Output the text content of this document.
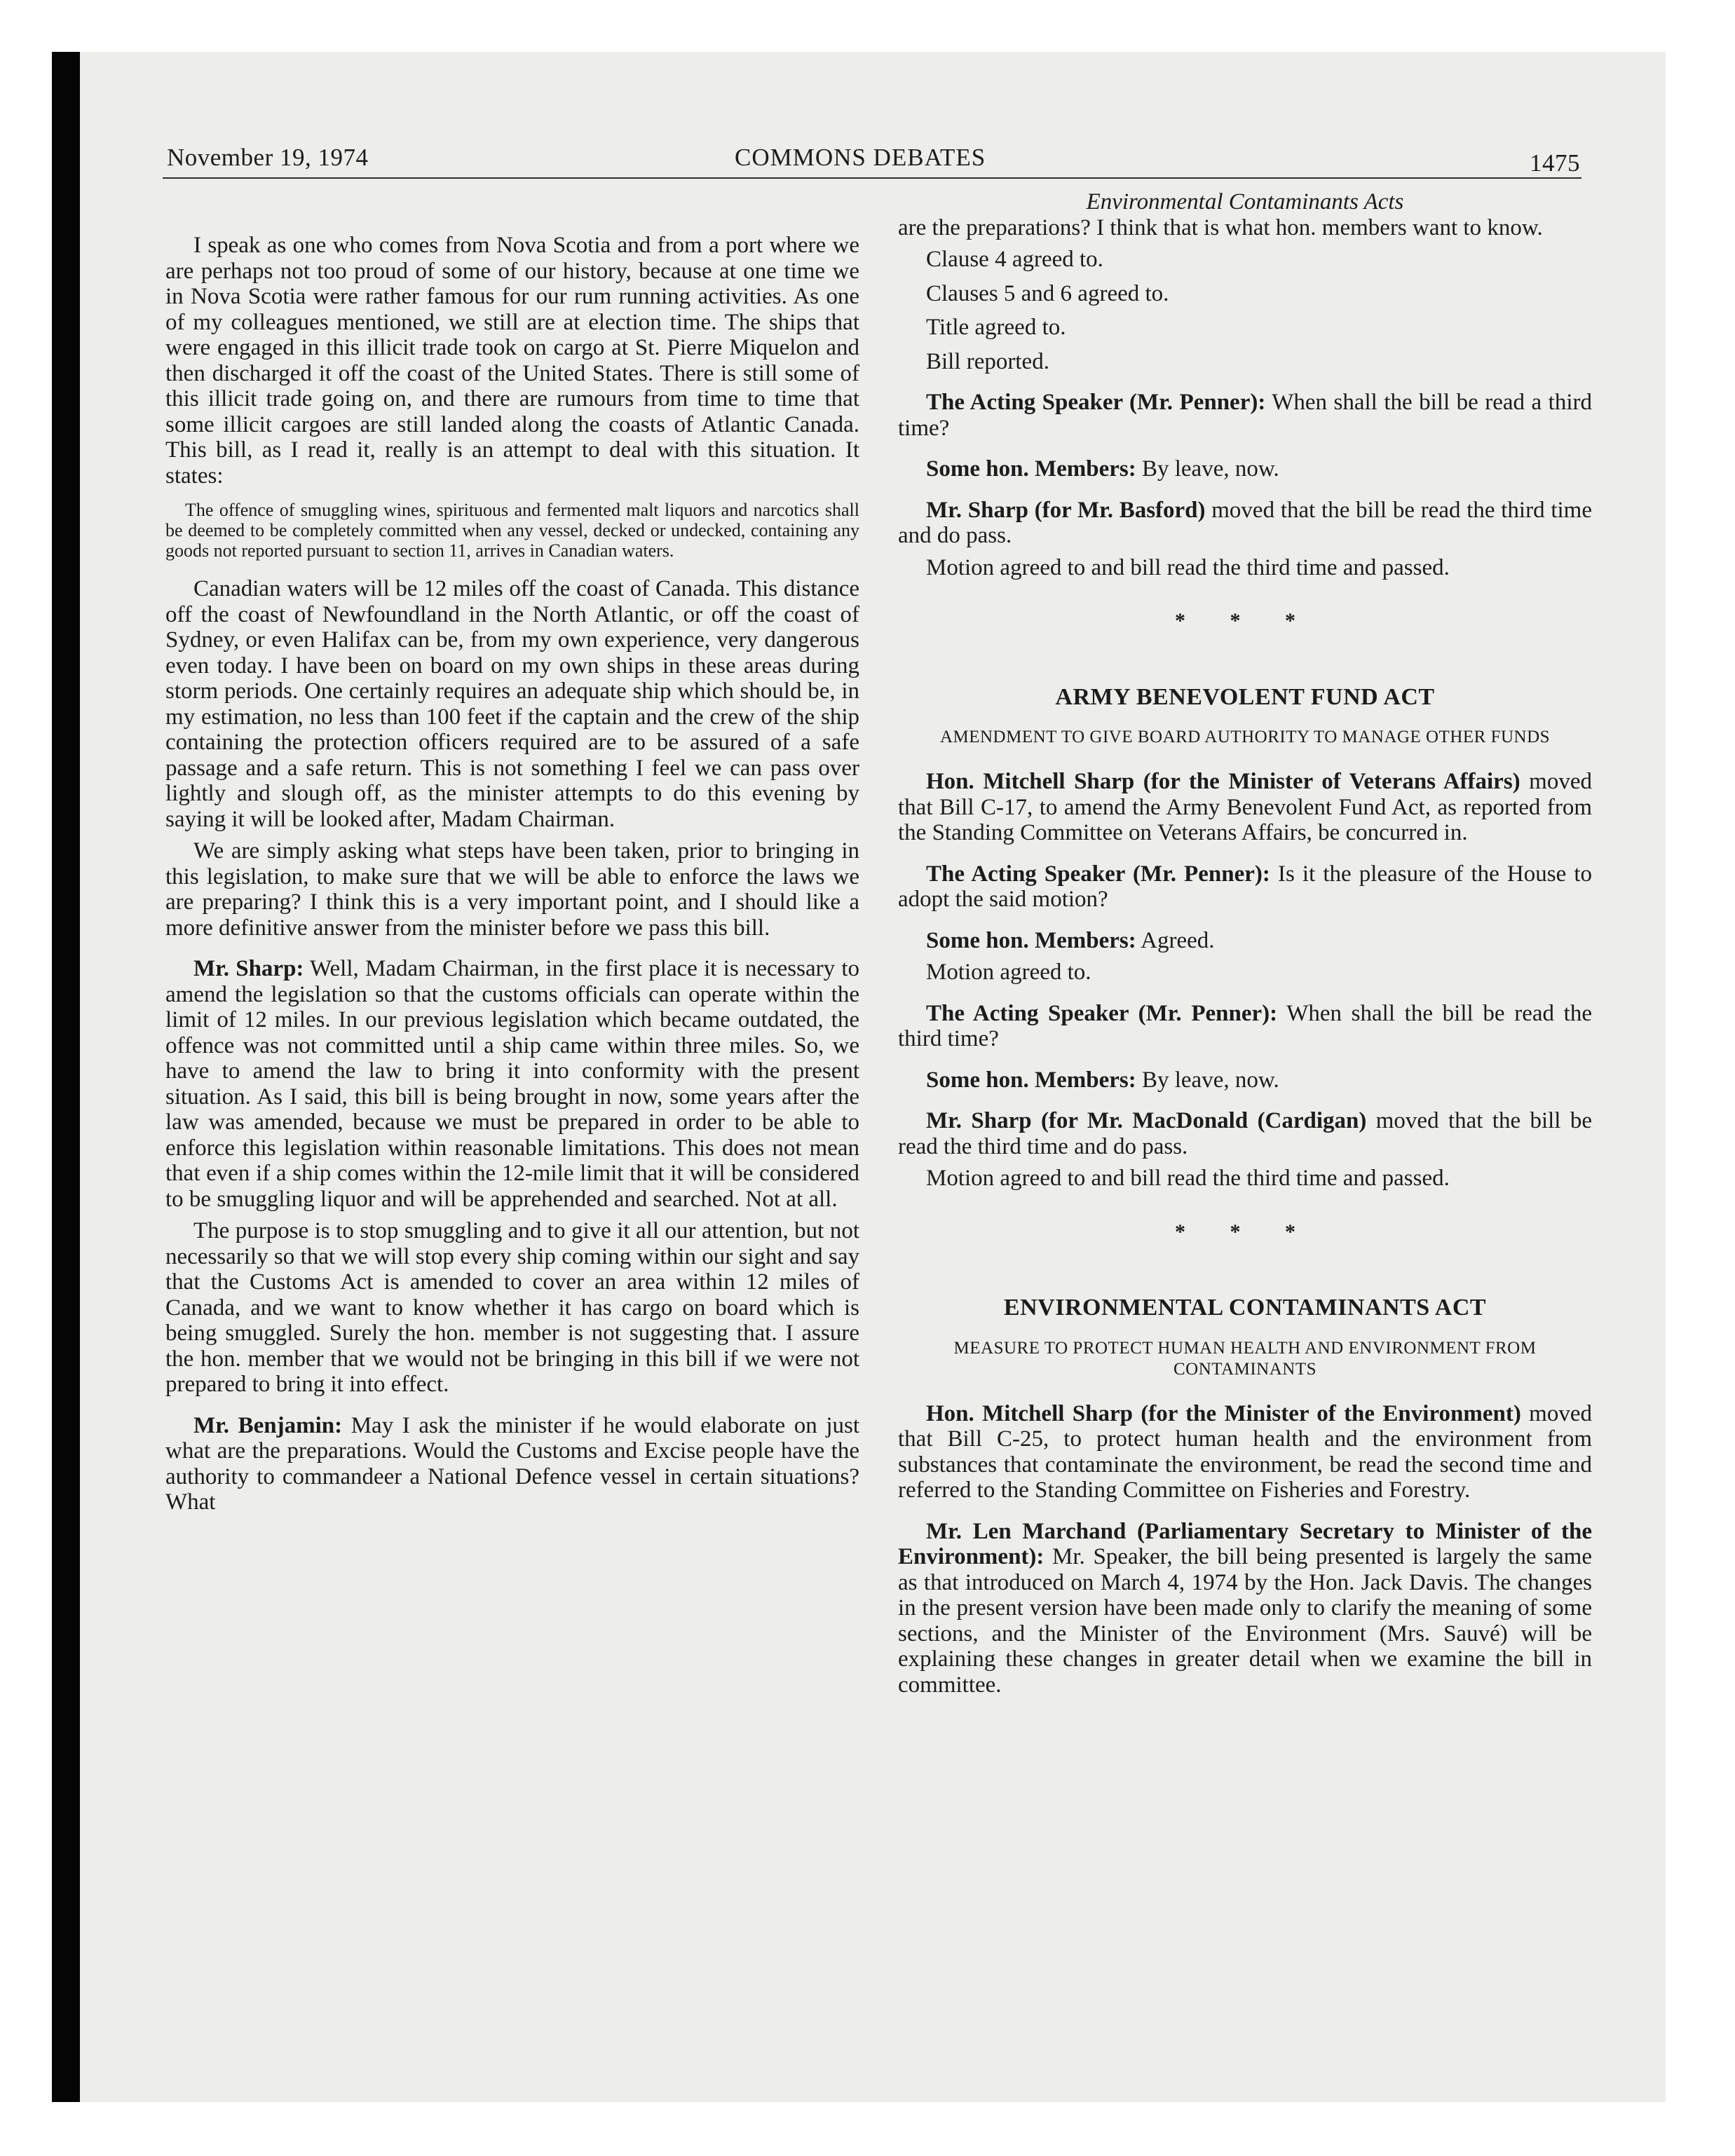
November 19, 1974	COMMONS DEBATES	1475

I speak as one who comes from Nova Scotia and from a port where we are perhaps not too proud of some of our history, because at one time we in Nova Scotia were rather famous for our rum running activities. As one of my colleagues mentioned, we still are at election time. The ships that were engaged in this illicit trade took on cargo at St. Pierre Miquelon and then discharged it off the coast of the United States. There is still some of this illicit trade going on, and there are rumours from time to time that some illicit cargoes are still landed along the coasts of Atlantic Canada. This bill, as I read it, really is an attempt to deal with this situation. It states:

The offence of smuggling wines, spirituous and fermented malt liquors and narcotics shall be deemed to be completely committed when any vessel, decked or undecked, containing any goods not reported pursuant to section 11, arrives in Canadian waters.

Canadian waters will be 12 miles off the coast of Canada. This distance off the coast of Newfoundland in the North Atlantic, or off the coast of Sydney, or even Halifax can be, from my own experience, very dangerous even today. I have been on board on my own ships in these areas during storm periods. One certainly requires an adequate ship which should be, in my estimation, no less than 100 feet if the captain and the crew of the ship containing the protection officers required are to be assured of a safe passage and a safe return. This is not something I feel we can pass over lightly and slough off, as the minister attempts to do this evening by saying it will be looked after, Madam Chairman.

We are simply asking what steps have been taken, prior to bringing in this legislation, to make sure that we will be able to enforce the laws we are preparing? I think this is a very important point, and I should like a more definitive answer from the minister before we pass this bill.

Mr. Sharp: Well, Madam Chairman, in the first place it is necessary to amend the legislation so that the customs officials can operate within the limit of 12 miles. In our previous legislation which became outdated, the offence was not committed until a ship came within three miles. So, we have to amend the law to bring it into conformity with the present situation. As I said, this bill is being brought in now, some years after the law was amended, because we must be prepared in order to be able to enforce this legislation within reasonable limitations. This does not mean that even if a ship comes within the 12-mile limit that it will be considered to be smuggling liquor and will be apprehended and searched. Not at all.

The purpose is to stop smuggling and to give it all our attention, but not necessarily so that we will stop every ship coming within our sight and say that the Customs Act is amended to cover an area within 12 miles of Canada, and we want to know whether it has cargo on board which is being smuggled. Surely the hon. member is not suggesting that. I assure the hon. member that we would not be bringing in this bill if we were not prepared to bring it into effect.

Mr. Benjamin: May I ask the minister if he would elaborate on just what are the preparations. Would the Customs and Excise people have the authority to commandeer a National Defence vessel in certain situations? What

Environmental Contaminants Acts

are the preparations? I think that is what hon. members want to know.

Clause 4 agreed to.

Clauses 5 and 6 agreed to.

Title agreed to.

Bill reported.

The Acting Speaker (Mr. Penner): When shall the bill be read a third time?

Some hon. Members: By leave, now.

Mr. Sharp (for Mr. Basford) moved that the bill be read the third time and do pass.

Motion agreed to and bill read the third time and passed.

* * *
ARMY BENEVOLENT FUND ACT
AMENDMENT TO GIVE BOARD AUTHORITY TO MANAGE OTHER FUNDS

Hon. Mitchell Sharp (for the Minister of Veterans Affairs) moved that Bill C-17, to amend the Army Benevolent Fund Act, as reported from the Standing Committee on Veterans Affairs, be concurred in.

The Acting Speaker (Mr. Penner): Is it the pleasure of the House to adopt the said motion?

Some hon. Members: Agreed.

Motion agreed to.

The Acting Speaker (Mr. Penner): When shall the bill be read the third time?

Some hon. Members: By leave, now.

Mr. Sharp (for Mr. MacDonald (Cardigan) moved that the bill be read the third time and do pass.

Motion agreed to and bill read the third time and passed.

* * *
ENVIRONMENTAL CONTAMINANTS ACT
MEASURE TO PROTECT HUMAN HEALTH AND ENVIRONMENT FROM CONTAMINANTS

Hon. Mitchell Sharp (for the Minister of the Environment) moved that Bill C-25, to protect human health and the environment from substances that contaminate the environment, be read the second time and referred to the Standing Committee on Fisheries and Forestry.

Mr. Len Marchand (Parliamentary Secretary to Minister of the Environment): Mr. Speaker, the bill being presented is largely the same as that introduced on March 4, 1974 by the Hon. Jack Davis. The changes in the present version have been made only to clarify the meaning of some sections, and the Minister of the Environment (Mrs. Sauvé) will be explaining these changes in greater detail when we examine the bill in committee.
